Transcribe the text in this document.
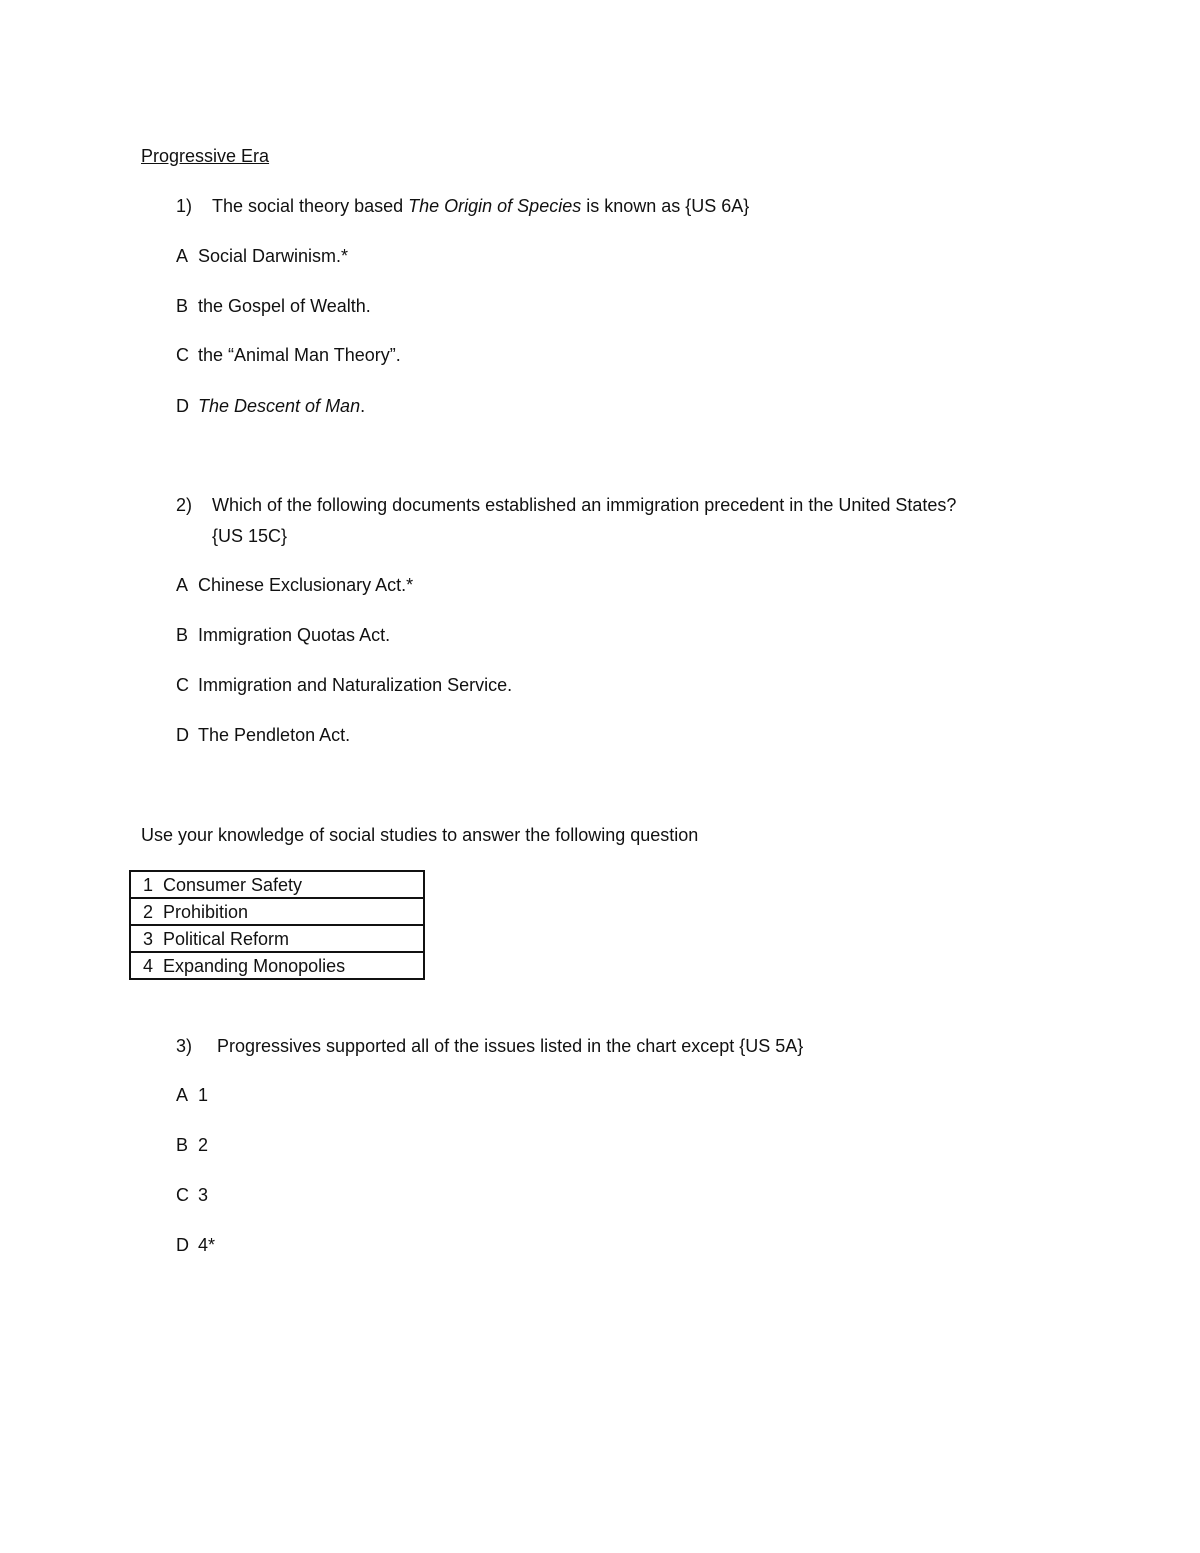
Progressive Era
1) The social theory based The Origin of Species is known as {US 6A}
A Social Darwinism.*
B the Gospel of Wealth.
C the “Animal Man Theory”.
D The Descent of Man.
2) Which of the following documents established an immigration precedent in the United States?
{US 15C}
A Chinese Exclusionary Act.*
B Immigration Quotas Act.
C Immigration and Naturalization Service.
D The Pendleton Act.
Use your knowledge of social studies to answer the following question
1 Consumer Safety
2 Prohibition
3 Political Reform
4 Expanding Monopolies
3) Progressives supported all of the issues listed in the chart except {US 5A}
A 1
B 2
C 3
D 4*
